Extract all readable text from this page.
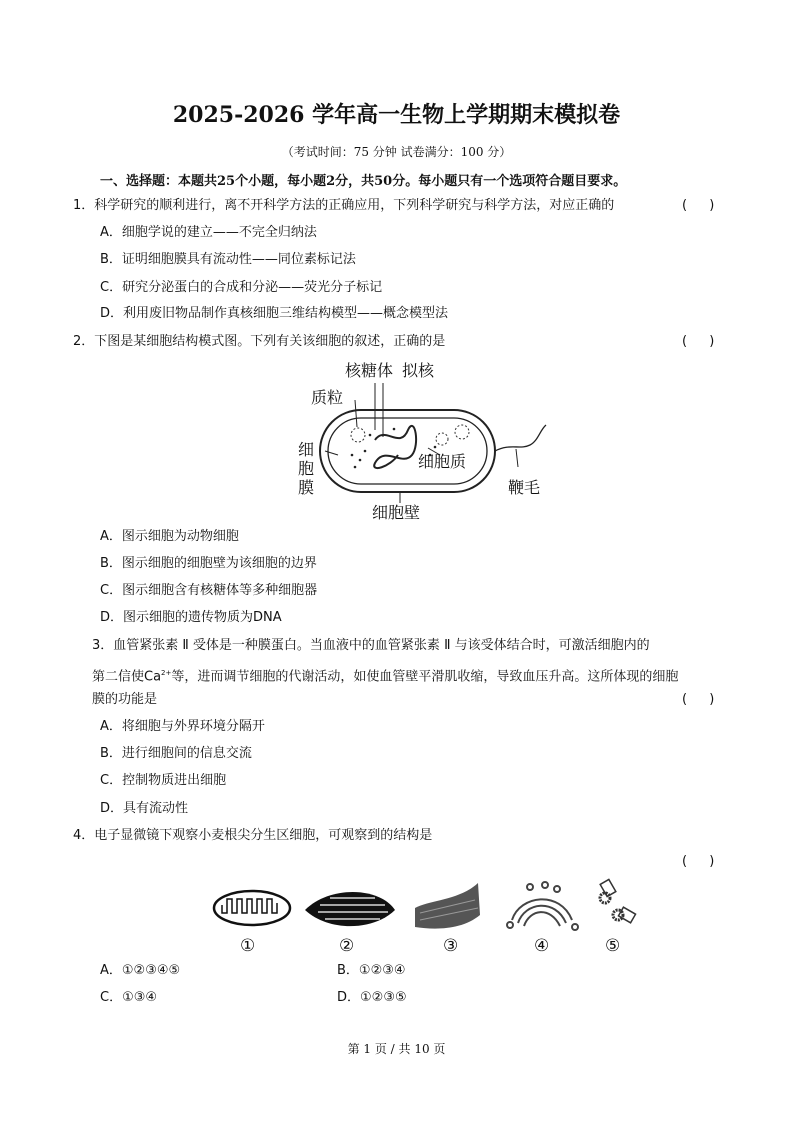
2025-2026 学年高一生物上学期期末模拟卷
（考试时间：75 分钟 试卷满分：100 分）
一、选择题：本题共25个小题，每小题2分，共50分。每小题只有一个选项符合题目要求。
1．科学研究的顺利进行，离不开科学方法的正确应用，下列科学研究与科学方法，对应正确的	( )
A．细胞学说的建立——不完全归纳法
B．证明细胞膜具有流动性——同位素标记法
C．研究分泌蛋白的合成和分泌——荧光分子标记
D．利用废旧物品制作真核细胞三维结构模型——概念模型法
2．下图是某细胞结构模式图。下列有关该细胞的叙述，正确的是	( )
核糖体 拟核
质粒
细
胞
膜
细胞质
鞭毛
细胞壁
A．图示细胞为动物细胞
B．图示细胞的细胞壁为该细胞的边界
C．图示细胞含有核糖体等多种细胞器
D．图示细胞的遗传物质为DNA
3．血管紧张素 Ⅱ 受体是一种膜蛋白。当血液中的血管紧张素 Ⅱ 与该受体结合时，可激活细胞内的
第二信使$Ca^{2+}$等，进而调节细胞的代谢活动，如使血管壁平滑肌收缩，导致血压升高。这所体现的细胞
膜的功能是	( )
A．将细胞与外界环境分隔开
B．进行细胞间的信息交流
C．控制物质进出细胞
D．具有流动性
4．电子显微镜下观察小麦根尖分生区细胞，可观察到的结构是
( )
①	②	③	④	⑤
A．①②③④⑤	B．①②③④
C．①③④	D．①②③⑤
第 1 页 / 共 10 页
